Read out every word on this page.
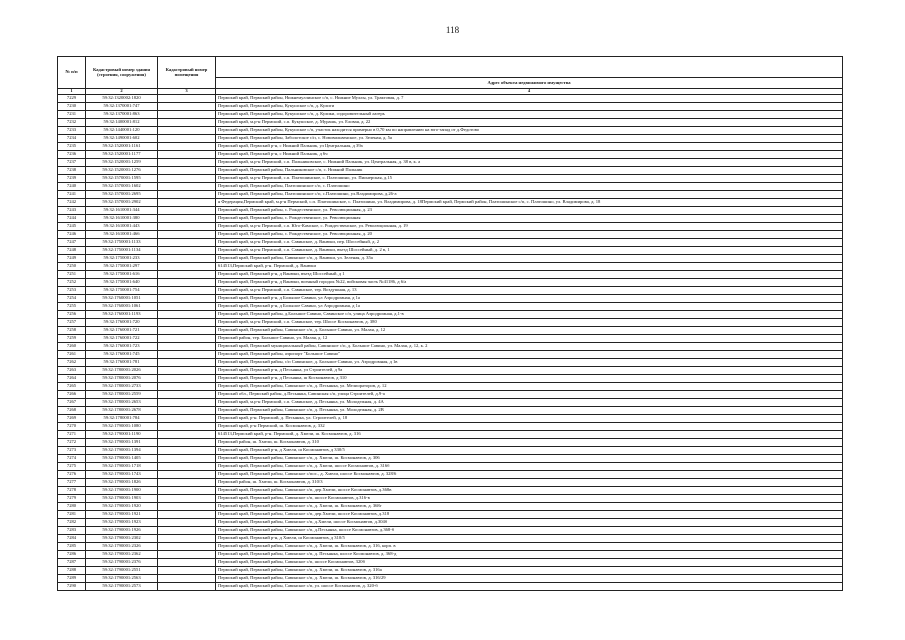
118
№ п/п	Кадастровый номер здания (строения, сооружения)	Кадастровый номер помещения	
			Адрес объекта недвижимого имущества
1	2	3	4
7229	59:32:1320002:1820		Пермский край, Пермский район, Нижнемуллинское с/п, с. Нижние Муллы, ул. Трактовая, д. 7
7230	59:32:1370001:747		Пермский край, Пермский район, Кукушское с/п, д. Кулиги
7231	59:32:1370001:863		Пермский край, Пермский район, Кукушское с/п, д. Кулики, оздоровительный лагерь
7232	59:32:1400001:812		Пермский край, м.р-н Пермский, с.п. Кукушское, д. Мурашь, ул. Еловая, д. 22
7233	59:32:1440001:120		Пермский край, Пермский район, Кукушское с/п, участок находится примерно в 0,70 км по направлению на юго-запад от д.Федотово
7234	59:32:1490001:602		Пермский край, Пермский район, Заболотское с/п, с. Нововильвенское, ул. Зеленая, д. 5а
7235	59:32:1520001:1161		Пермский край, Пермский р-н, с Нижний Пальник, ул Центральная, д 39а
7236	59:32:1520001:1177		Пермский край, Пермский р-н, с Нижний Пальник, д 6ч
7237	59:32:1520001:1259		Пермский край, м.р-н Пермский, с.п. Пальниковское, с. Нижний Пальник, ул. Центральная, д. 38 в, к. а
7238	59:32:1520001:1276		Пермский край, Пермский район, Пальниковское с/п, с. Нижний Пальник
7239	59:32:1570001:1595		Пермский край, м.р-н Пермский, с.п. Платошинское, с. Платошино, ул. Пионерская, д.15
7240	59:32:1570001:1602		Пермский край, Пермский район, Платошинское с/п, с. Платошино
7241	59:32:1570001:2695		Пермский край, Пермский район, Платошинское с/п, с.Платошино, ул.Владимирова, д.26-а
7242	59:32:1570001:2902		я Федерация,Пермский край, м.р-н Пермский, с.п. Платошинское, с. Платошино, ул. Владимирова, д. 18Пермский край, Пермский район, Платошинское с/п, с. Платошино, ул. Владимирова, д. 18
7243	59:32:1610001:344		Пермский край, Пермский район, с. Рождественское, ул. Революционная, д. 23
7244	59:32:1610001:380		Пермский край, Пермский район, с. Рождественское, ул. Революционная
7245	59:32:1610001:443		Пермский край, м.р-н Пермский, с.п. Юго-Камское, с. Рождественское, ул. Революционная, д. 19
7246	59:32:1610001:466		Пермский край, Пермский район, с. Рождественское, ул. Революционная, д. 20
7247	59:32:1750001:1133		Пермский край, м.р-н Пермский, с.п. Савинское, д. Ванюки, пер. Шоссейный, д. 2
7248	59:32:1750001:1134		Пермский край, м.р-н Пермский, с.п. Савинское, д. Ванюки, въезд Шоссейный, д. 2 в, 1
7249	59:32:1750001:233		Пермский край, Пермский район, Савинское с/п, д. Ванюки, ул. Зеленая, д. 35а
7250	59:32:1750001:297		614513,Пермский край, р-н. Пермский, д. Ванюки
7251	59:32:1750001:616		Пермский край, Пермский р-н, д Ванюки, въезд Шоссейный, д 1
7252	59:32:1750001:640		Пермский край, Пермский р-н, д Ванюки, военный городок №22, войсковая часть №41186, д 6/а
7253	59:32:1750001:754		Пермский край, м.р-н Пермский, с.п. Савинское, тер. Воздушная, д. 13
7254	59:32:1760001:1051		Пермский край, Пермский р-н, д Большое Савино, ул Аэродромная, д 1а
7255	59:32:1760001:1061		Пермский край, Пермский р-н, д Большое Савино, ул Аэродромная, д 1а
7256	59:32:1760001:1193		Пермский край, Пермский район, д.Большое Савино, Савинское с/п, улица Аэродромная, д.1-в
7257	59:32:1760001:720		Пермский край, м.р-н Пермский, с.п. Савинское, тер. Шоссе Космонавтов, д. 380
7258	59:32:1760001:721		Пермский край, Пермский район, Савинское с/п, д. Большое Савино, ул. Малая, д. 12
7259	59:32:1760001:722		Пермский район, тер. Большое Савино, ул. Малая, д. 12
7260	59:32:1760001:723		Пермский край, Пермский муниципальный район, Савинское с/п, д. Большое Савино, ул. Малая, д. 12, к. 2
7261	59:32:1760001:745		Пермский край, Пермский район, аэропорт "Большое Савино"
7262	59:32:1760001:781		Пермский край, Пермский район, с/п Савинское, д. Большое Савино, ул. Аэродромная, д 1в
7263	59:32:1780001:2026		Пермский край, Пермский р-н, д Песьянка, ул Строителей, д 9а
7264	59:32:1780001:2076		Пермский край, Пермский р-н, д Песьянка, ш Космонавтов, д 310
7265	59:32:1780001:2733		Пермский край, Пермский район, Савинское с/п, д. Песьянка, ул. Мелиораторов, д. 12
7266	59:32:1780001:2559		Пермский обл., Пермский район, д.Песьянка, Савинская с/п, улица Строителей, д.9-а
7267	59:32:1780001:2653		Пермский край, м.р-н Пермский, с.п. Савинское, д. Песьянка, ул. Молодежная, д. 4А
7268	59:32:1780001:2678		Пермский край, Пермский район, Савинское с/п, д. Песьянка, ул. Молодежная, д. 2В
7269	59:32:1780001:784		Пермский край, р-н. Пермский, д. Песьянка, ул. Строителей, д. 18
7270	59:32:1790001:1080		Пермский край, р-н Пермский, ш. Космонавтов, д. 332
7271	59:32:1790001:1190		614513,Пермский край, р-н. Пермский, д. Хмели, ш. Космонавтов, д. 316
7272	59:32:1790001:1391		Пермский район, ш. Хмели, ш. Космонавтов, д. 310
7273	59:32:1790001:1394		Пермский край, Пермский р-н, д Хмели, ш Космонавтов, д 330/5
7274	59:32:1790001:1405		Пермский край, Пермский район, Савинское с/п, д. Хмели, ш. Космонавтов, д. 306
7275	59:32:1790001:1718		Пермский край, Пермский район, Савинское с/п, д. Хмели, шоссе Космонавтов, д. 316б
7276	59:32:1790001:1743		Пермский край, Пермский район, Савинское с/пос., д. Хмели, шоссе Космонавтов, д. 328/6
7277	59:32:1790001:1826		Пермский район, ш. Хмели, ш. Космонавтов, д. 310/3
7278	59:32:1790001:1900		Пермский край, Пермский район, Савинское с/п, дер.Хмели, шоссе Космонавтов, д.368в
7279	59:32:1790001:1903		Пермский край, Пермский район, Савинское с/п, шоссе Космонавтов, д.316-в
7280	59:32:1790001:1920		Пермский край, Пермский район, Савинское с/п, д. Хмели, ш. Космонавтов, д. 368г
7281	59:32:1790001:1921		Пермский край, Пермский район, Савинское с/п, дер.Хмели, шоссе Космонавтов, д.318
7282	59:32:1790001:1923		Пермский край, Пермский район, Савинское с/п, д.Хмели, шоссе Космонавтов, д.304б
7283	59:32:1790001:1926		Пермский край, Пермский район, Савинское с/п, д.Песьянка, шоссе Космонавтов, д.368-б
7284	59:32:1790001:2302		Пермский край, Пермский р-н, д Хмели, ш Космонавтов, д 310/5
7285	59:32:1790001:2326		Пермский край, Пермский район, Савинское с/п, д. Хмели, ш. Космонавтов, д. 316, корп. в
7286	59:32:1790001:2362		Пермский край, Пермский район, Савинское с/п, д. Песьянка, шоссе Космонавтов, д. 368-д
7287	59:32:1790001:2376		Пермский край, Пермский район, Савинское с/п, шоссе Космонавтов, 320б
7288	59:32:1790001:2551		Пермский край, Пермский район, Савинское с/п, д. Хмели, ш. Космонавтов, д. 316а
7289	59:32:1790001:2563		Пермский край, Пермский район, Савинское с/п, д. Хмели, ш. Космонавтов, д. 316/29
7290	59:32:1790001:2573		Пермский край, Пермский район, Савинское с/п, ул. шоссе Космонавтов, д. 320-б
